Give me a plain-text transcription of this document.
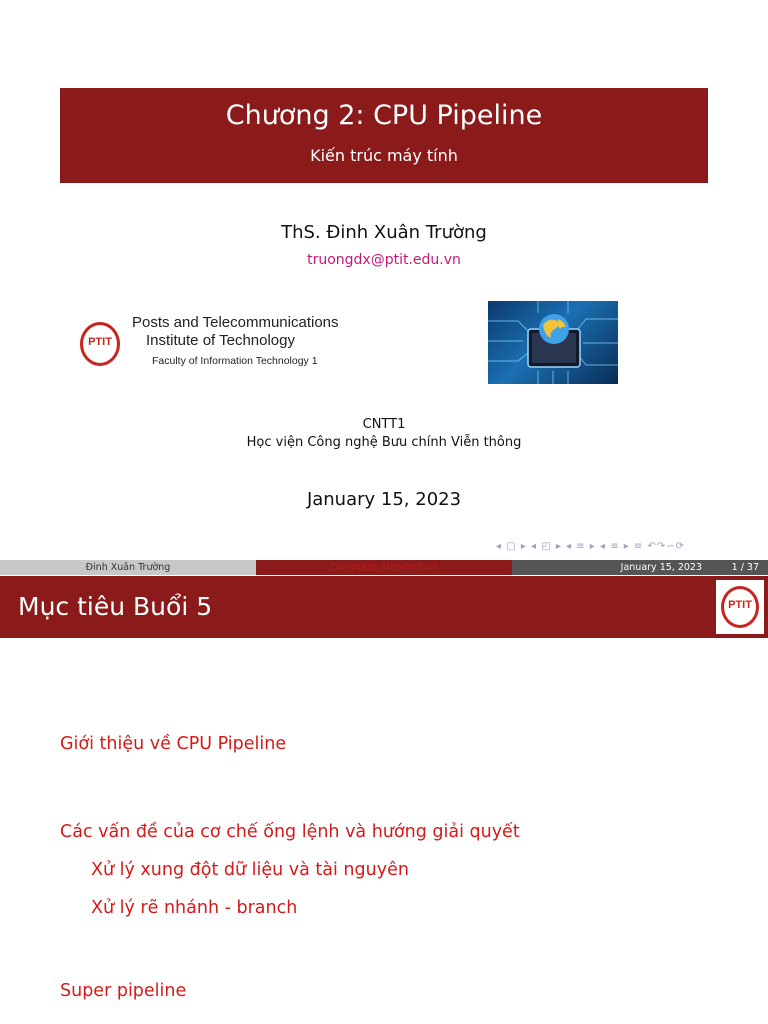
Chương 2: CPU Pipeline
Kiến trúc máy tính
ThS. Đinh Xuân Trường
truongdx@ptit.edu.vn
PTIT
Posts and Telecommunications
Institute of Technology
Faculty of Information Technology 1
CNTT1
Học viện Công nghệ Bưu chính Viễn thông
January 15, 2023
◂ ▢ ▸ ◂ ◰ ▸ ◂ ≡ ▸ ◂ ≡ ▸ ≡ ↶↷∽⟳
Đinh Xuân Trường	Computer Architecture	January 15, 2023	1 / 37
Mục tiêu Buổi 5	PTIT
Giới thiệu về CPU Pipeline
Các vấn đề của cơ chế ống lệnh và hướng giải quyết
Xử lý xung đột dữ liệu và tài nguyên
Xử lý rẽ nhánh - branch
Super pipeline
